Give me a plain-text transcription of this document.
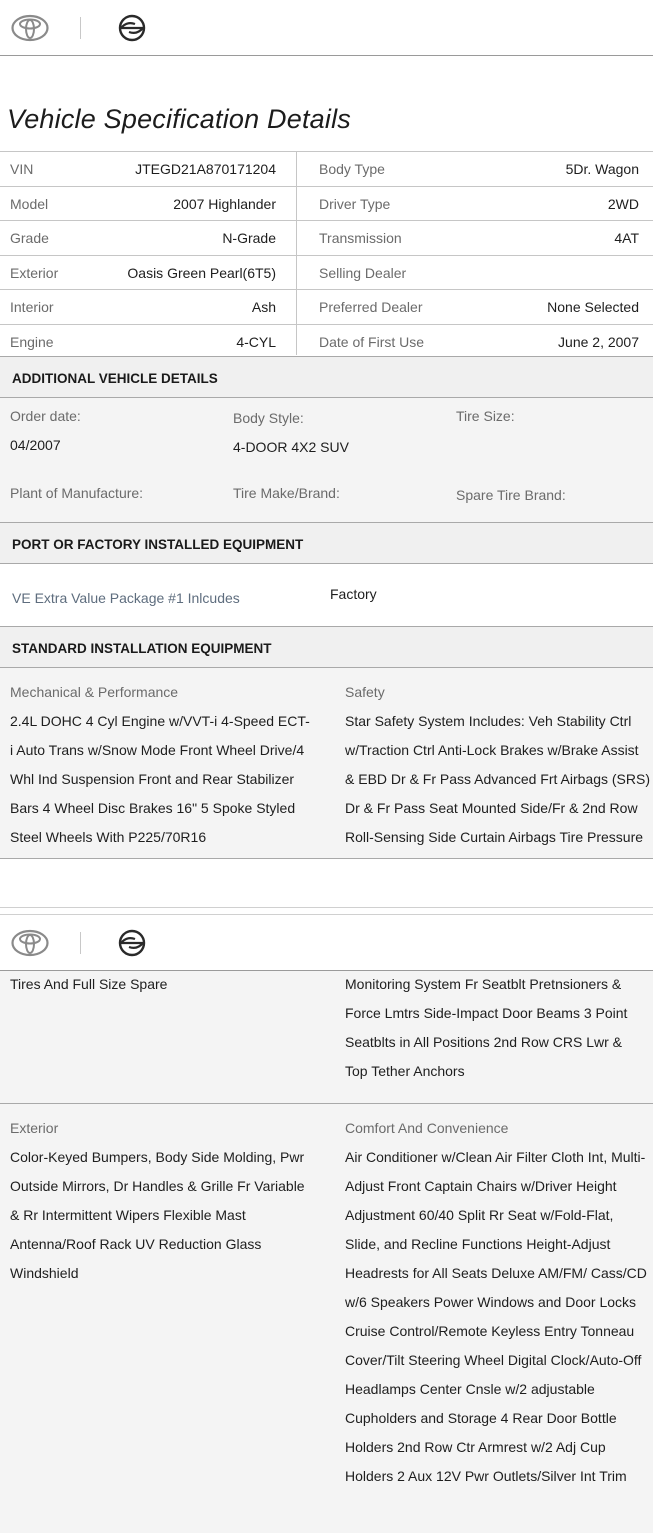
Vehicle Specification Details
VIN	JTEGD21A870171204	Body Type	5Dr. Wagon
Model	2007 Highlander	Driver Type	2WD
Grade	N-Grade	Transmission	4AT
Exterior	Oasis Green Pearl(6T5)	Selling Dealer
Interior	Ash	Preferred Dealer	None Selected
Engine	4-CYL	Date of First Use	June 2, 2007
ADDITIONAL VEHICLE DETAILS
Order date:
04/2007
Body Style:
4-DOOR 4X2 SUV
Tire Size:
Plant of Manufacture:	Tire Make/Brand:	Spare Tire Brand:
PORT OR FACTORY INSTALLED EQUIPMENT
VE Extra Value Package #1 Inlcudes	Factory
STANDARD INSTALLATION EQUIPMENT
Mechanical & Performance
2.4L DOHC 4 Cyl Engine w/VVT-i 4-Speed ECT-i Auto Trans w/Snow Mode Front Wheel Drive/4 Whl Ind Suspension Front and Rear Stabilizer Bars 4 Wheel Disc Brakes 16" 5 Spoke Styled Steel Wheels With P225/70R16
Safety
Star Safety System Includes: Veh Stability Ctrl w/Traction Ctrl Anti-Lock Brakes w/Brake Assist & EBD Dr & Fr Pass Advanced Frt Airbags (SRS) Dr & Fr Pass Seat Mounted Side/Fr & 2nd Row Roll-Sensing Side Curtain Airbags Tire Pressure
Tires And Full Size Spare	Monitoring System Fr Seatblt Pretnsioners & Force Lmtrs Side-Impact Door Beams 3 Point Seatblts in All Positions 2nd Row CRS Lwr & Top Tether Anchors
Exterior
Color-Keyed Bumpers, Body Side Molding, Pwr Outside Mirrors, Dr Handles & Grille Fr Variable & Rr Intermittent Wipers Flexible Mast Antenna/Roof Rack UV Reduction Glass Windshield
Comfort And Convenience
Air Conditioner w/Clean Air Filter Cloth Int, Multi-Adjust Front Captain Chairs w/Driver Height Adjustment 60/40 Split Rr Seat w/Fold-Flat, Slide, and Recline Functions Height-Adjust Headrests for All Seats Deluxe AM/FM/ Cass/CD w/6 Speakers Power Windows and Door Locks Cruise Control/Remote Keyless Entry Tonneau Cover/Tilt Steering Wheel Digital Clock/Auto-Off Headlamps Center Cnsle w/2 adjustable Cupholders and Storage 4 Rear Door Bottle Holders 2nd Row Ctr Armrest w/2 Adj Cup Holders 2 Aux 12V Pwr Outlets/Silver Int Trim
